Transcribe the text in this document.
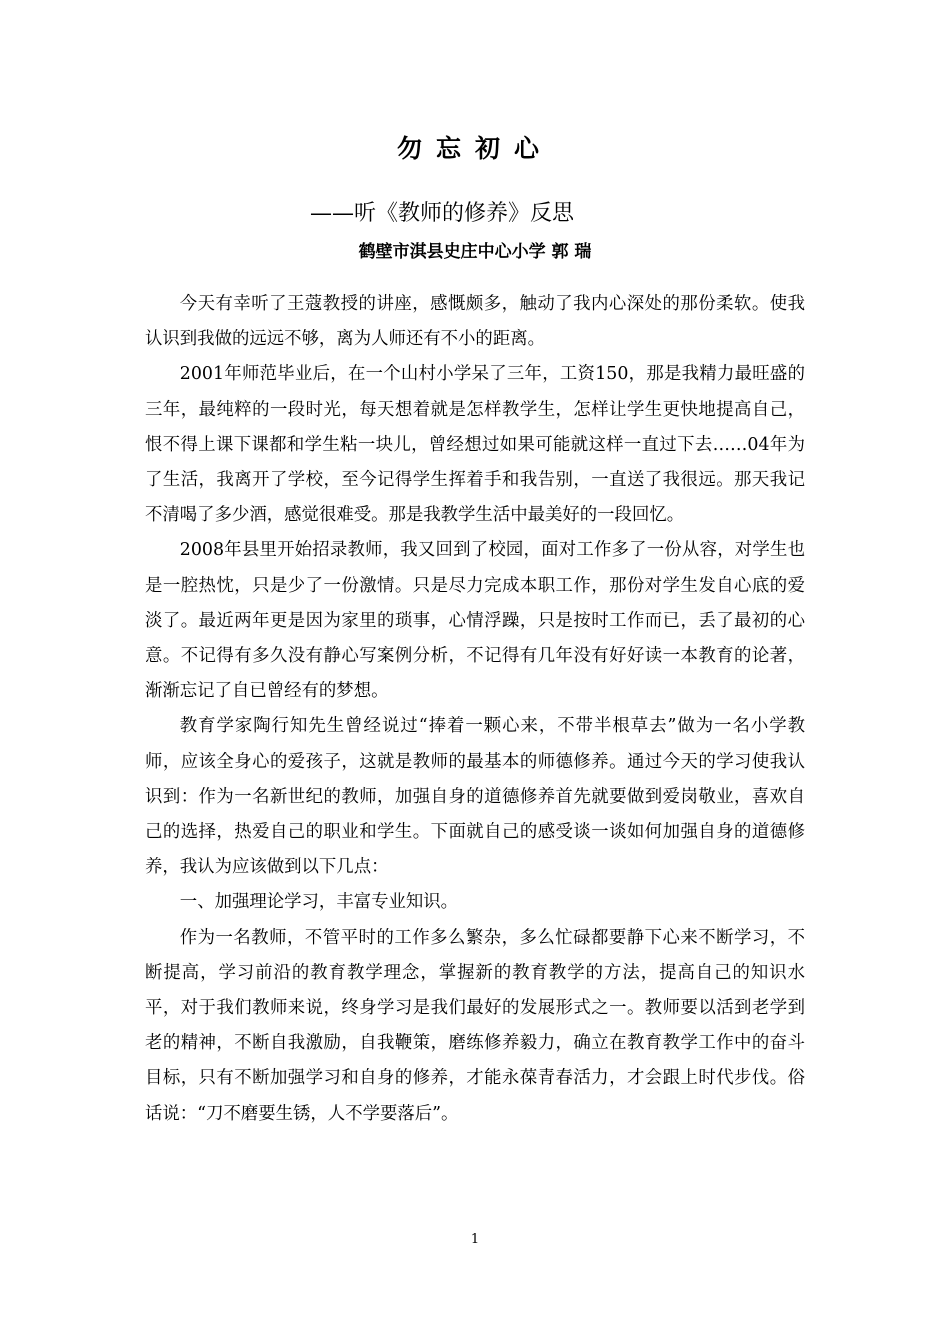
勿忘初心
——听《教师的修养》反思
鹤壁市淇县史庄中心小学 郭 瑞

今天有幸听了王蔻教授的讲座，感慨颇多，触动了我内心深处的那份柔软。使我认识到我做的远远不够，离为人师还有不小的距离。

2001年师范毕业后，在一个山村小学呆了三年，工资150，那是我精力最旺盛的三年，最纯粹的一段时光，每天想着就是怎样教学生，怎样让学生更快地提高自己，恨不得上课下课都和学生粘一块儿，曾经想过如果可能就这样一直过下去……04年为了生活，我离开了学校，至今记得学生挥着手和我告别，一直送了我很远。那天我记不清喝了多少酒，感觉很难受。那是我教学生活中最美好的一段回忆。

2008年县里开始招录教师，我又回到了校园，面对工作多了一份从容，对学生也是一腔热忱，只是少了一份激情。只是尽力完成本职工作，那份对学生发自心底的爱淡了。最近两年更是因为家里的琐事，心情浮躁，只是按时工作而已，丢了最初的心意。不记得有多久没有静心写案例分析，不记得有几年没有好好读一本教育的论著，渐渐忘记了自已曾经有的梦想。

教育学家陶行知先生曾经说过“捧着一颗心来，不带半根草去”做为一名小学教师，应该全身心的爱孩子，这就是教师的最基本的师德修养。通过今天的学习使我认识到：作为一名新世纪的教师，加强自身的道德修养首先就要做到爱岗敬业，喜欢自己的选择，热爱自己的职业和学生。下面就自己的感受谈一谈如何加强自身的道德修养，我认为应该做到以下几点：

一、加强理论学习，丰富专业知识。

作为一名教师，不管平时的工作多么繁杂，多么忙碌都要静下心来不断学习，不断提高，学习前沿的教育教学理念，掌握新的教育教学的方法，提高自己的知识水平，对于我们教师来说，终身学习是我们最好的发展形式之一。教师要以活到老学到老的精神，不断自我激励，自我鞭策，磨练修养毅力，确立在教育教学工作中的奋斗目标，只有不断加强学习和自身的修养，才能永葆青春活力，才会跟上时代步伐。俗话说：“刀不磨要生锈，人不学要落后”。

1
